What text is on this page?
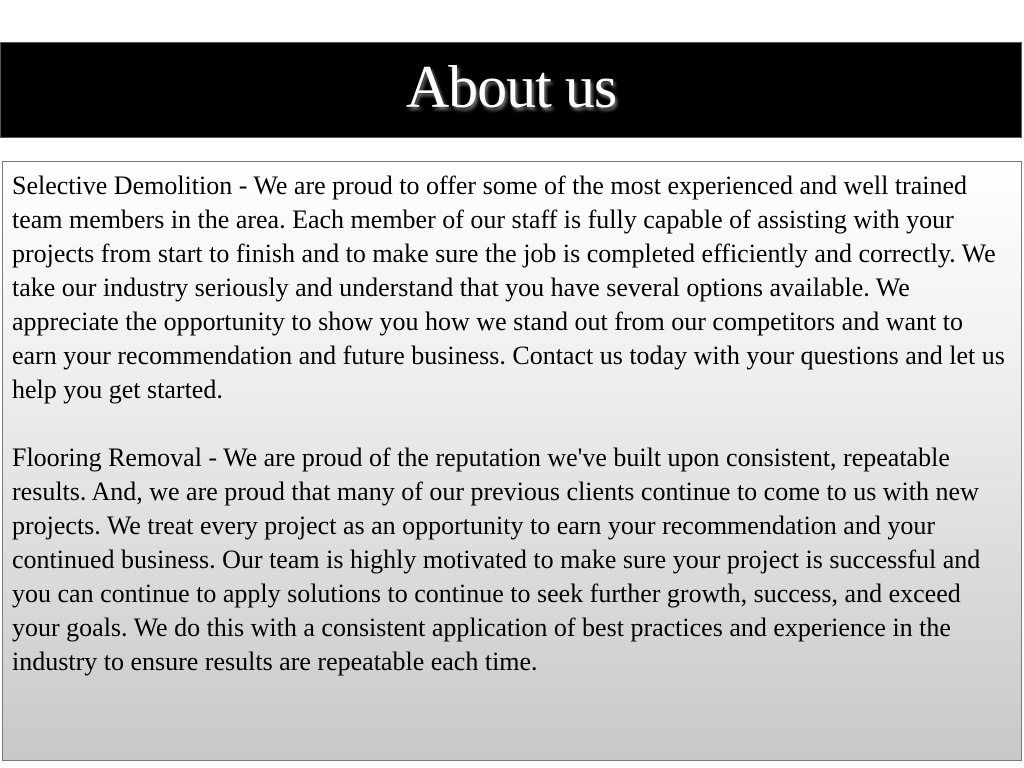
About us

Selective Demolition - We are proud to offer some of the most experienced and well trained team members in the area. Each member of our staff is fully capable of assisting with your projects from start to finish and to make sure the job is completed efficiently and correctly. We take our industry seriously and understand that you have several options available. We appreciate the opportunity to show you how we stand out from our competitors and want to earn your recommendation and future business. Contact us today with your questions and let us help you get started.

Flooring Removal - We are proud of the reputation we've built upon consistent, repeatable results. And, we are proud that many of our previous clients continue to come to us with new projects. We treat every project as an opportunity to earn your recommendation and your continued business. Our team is highly motivated to make sure your project is successful and you can continue to apply solutions to continue to seek further growth, success, and exceed your goals. We do this with a consistent application of best practices and experience in the industry to ensure results are repeatable each time.
